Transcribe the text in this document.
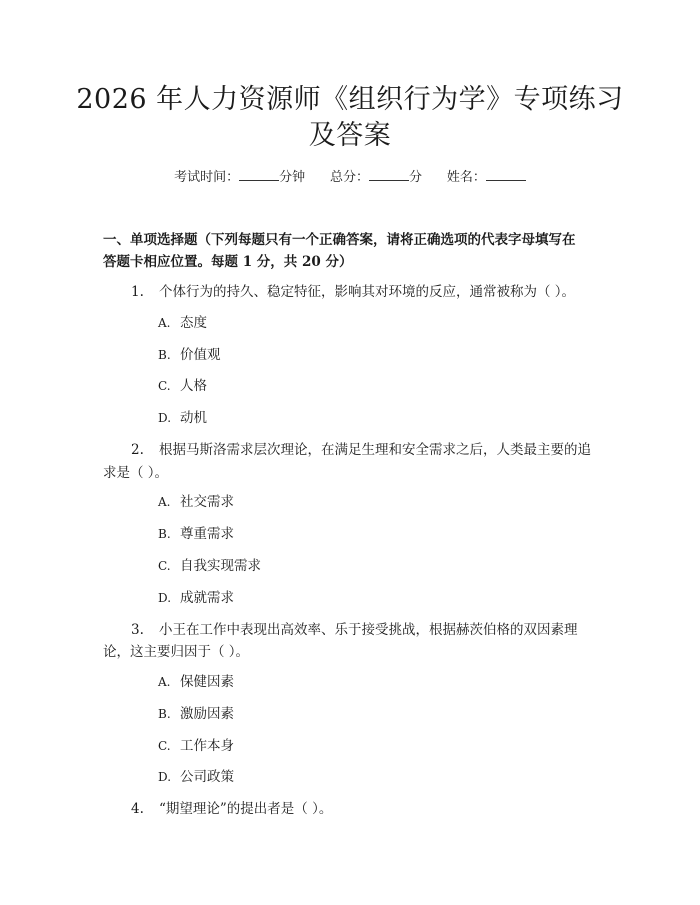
2026 年人力资源师《组织行为学》专项练习
及答案
考试时间：	分钟 总分：	分 姓名：
一、单项选择题（下列每题只有一个正确答案，请将正确选项的代表字母填写在
答题卡相应位置。每题 1 分，共 20 分）
1. 个体行为的持久、稳定特征，影响其对环境的反应，通常被称为（ ）。
A. 态度
B. 价值观
C. 人格
D. 动机
2. 根据马斯洛需求层次理论，在满足生理和安全需求之后，人类最主要的追
求是（ ）。
A. 社交需求
B. 尊重需求
C. 自我实现需求
D. 成就需求
3. 小王在工作中表现出高效率、乐于接受挑战，根据赫茨伯格的双因素理
论，这主要归因于（ ）。
A. 保健因素
B. 激励因素
C. 工作本身
D. 公司政策
4. “期望理论”的提出者是（ ）。
